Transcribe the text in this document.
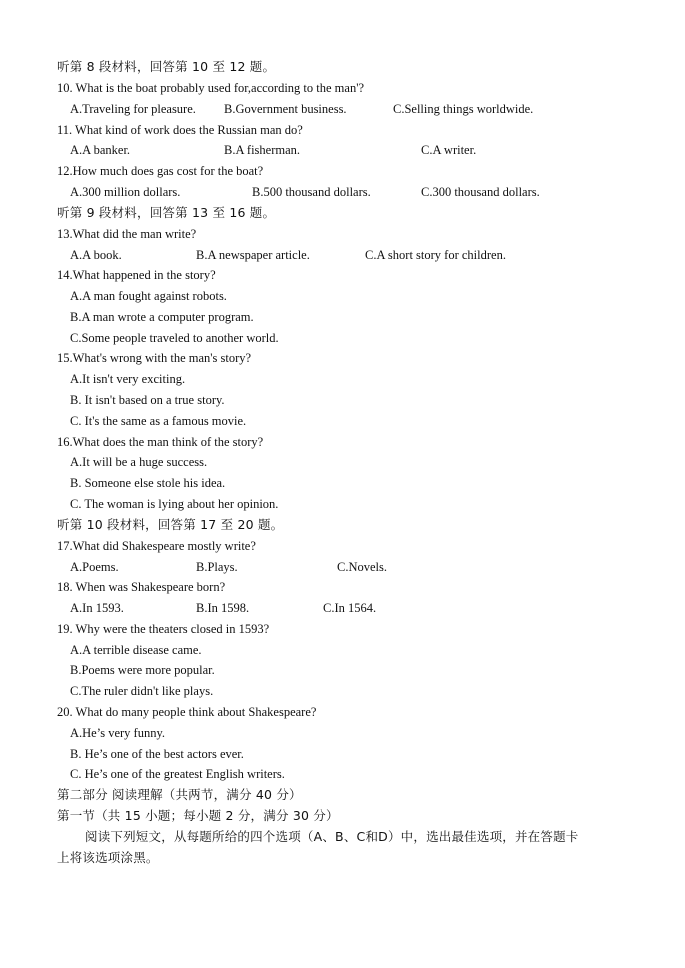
听第 8 段材料，回答第 10 至 12 题。
10. What is the boat probably used for,according to the man'?
A.Traveling for pleasure. B.Government business.	C.Selling things worldwide.
11. What kind of work does the Russian man do?
A.A banker.	B.A fisherman.	C.A writer.
12.How much does gas cost for the boat?
A.300 million dollars.	B.500 thousand dollars.	C.300 thousand dollars.
听第 9 段材料，回答第 13 至 16 题。
13.What did the man write?
A.A book.	B.A newspaper article.	C.A short story for children.
14.What happened in the story?
A.A man fought against robots.
B.A man wrote a computer program.
C.Some people traveled to another world.
15.What's wrong with the man's story?
A.It isn't very exciting.
B. It isn't based on a true story.
C. It's the same as a famous movie.
16.What does the man think of the story?
A.It will be a huge success.
B. Someone else stole his idea.
C. The woman is lying about her opinion.
听第 10 段材料，回答第 17 至 20 题。
17.What did Shakespeare mostly write?
A.Poems.	B.Plays.	C.Novels.
18. When was Shakespeare born?
A.In 1593.	B.In 1598.	C.In 1564.
19. Why were the theaters closed in 1593?
A.A terrible disease came.
B.Poems were more popular.
C.The ruler didn't like plays.
20. What do many people think about Shakespeare?
A.He’s very funny.
B. He’s one of the best actors ever.
C. He’s one of the greatest English writers.
第二部分 阅读理解（共两节，满分 40 分）
第一节（共 15 小题；每小题 2 分，满分 30 分）
阅读下列短文，从每题所给的四个选项（A、B、C和D）中，选出最佳选项，并在答题卡
上将该选项涂黑。
